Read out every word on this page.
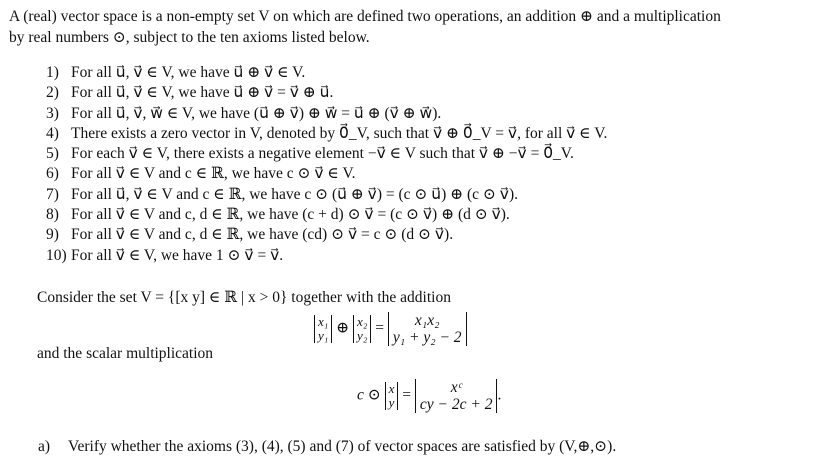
A (real) vector space is a non-empty set V on which are defined two operations, an addition ⊕ and a multiplication
by real numbers ⊙, subject to the ten axioms listed below.
1) For all u⃗, v⃗ ∈ V, we have u⃗ ⊕ v⃗ ∈ V.
2) For all u⃗, v⃗ ∈ V, we have u⃗ ⊕ v⃗ = v⃗ ⊕ u⃗.
3) For all u⃗, v⃗, w⃗ ∈ V, we have (u⃗ ⊕ v⃗) ⊕ w⃗ = u⃗ ⊕ (v⃗ ⊕ w⃗).
4) There exists a zero vector in V, denoted by 0⃗_V, such that v⃗ ⊕ 0⃗_V = v⃗, for all v⃗ ∈ V.
5) For each v⃗ ∈ V, there exists a negative element −v⃗ ∈ V such that v⃗ ⊕ −v⃗ = 0⃗_V.
6) For all v⃗ ∈ V and c ∈ ℝ, we have c ⊙ v⃗ ∈ V.
7) For all u⃗, v⃗ ∈ V and c ∈ ℝ, we have c ⊙ (u⃗ ⊕ v⃗) = (c ⊙ u⃗) ⊕ (c ⊙ v⃗).
8) For all v⃗ ∈ V and c, d ∈ ℝ, we have (c + d) ⊙ v⃗ = (c ⊙ v⃗) ⊕ (d ⊙ v⃗).
9) For all v⃗ ∈ V and c, d ∈ ℝ, we have (cd) ⊙ v⃗ = c ⊙ (d ⊙ v⃗).
10) For all v⃗ ∈ V, we have 1 ⊙ v⃗ = v⃗.
Consider the set V = {[x y] ∈ ℝ | x > 0} together with the addition
x₁
y₁ ⊕ x₂
y₂ =	x₁x₂
y₁ + y₂ − 2
and the scalar multiplication
c ⊙ x
y =	xᶜ
cy − 2c + 2
.
a) Verify whether the axioms (3), (4), (5) and (7) of vector spaces are satisfied by (V,⊕,⊙).
